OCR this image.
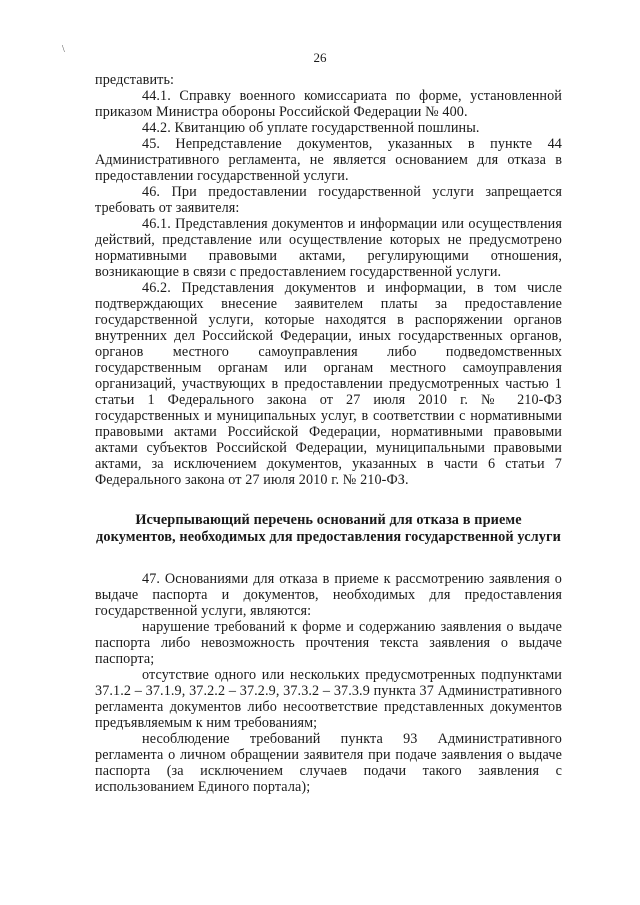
\
26

представить:

44.1. Справку военного комиссариата по форме, установленной приказом Министра обороны Российской Федерации № 400.

44.2. Квитанцию об уплате государственной пошлины.

45. Непредставление документов, указанных в пункте 44 Административного регламента, не является основанием для отказа в предоставлении государственной услуги.

46. При предоставлении государственной услуги запрещается требовать от заявителя:

46.1. Представления документов и информации или осуществления действий, представление или осуществление которых не предусмотрено нормативными правовыми актами, регулирующими отношения, возникающие в связи с предоставлением государственной услуги.

46.2. Представления документов и информации, в том числе подтверждающих внесение заявителем платы за предоставление государственной услуги, которые находятся в распоряжении органов внутренних дел Российской Федерации, иных государственных органов, органов местного самоуправления либо подведомственных государственным органам или органам местного самоуправления организаций, участвующих в предоставлении предусмотренных частью 1 статьи 1 Федерального закона от 27 июля 2010 г. № 210-ФЗ государственных и муниципальных услуг, в соответствии с нормативными правовыми актами Российской Федерации, нормативными правовыми актами субъектов Российской Федерации, муниципальными правовыми актами, за исключением документов, указанных в части 6 статьи 7 Федерального закона от 27 июля 2010 г. № 210-ФЗ.

Исчерпывающий перечень оснований для отказа в приеме документов, необходимых для предоставления государственной услуги

47. Основаниями для отказа в приеме к рассмотрению заявления о выдаче паспорта и документов, необходимых для предоставления государственной услуги, являются:

нарушение требований к форме и содержанию заявления о выдаче паспорта либо невозможность прочтения текста заявления о выдаче паспорта;

отсутствие одного или нескольких предусмотренных подпунктами 37.1.2 – 37.1.9, 37.2.2 – 37.2.9, 37.3.2 – 37.3.9 пункта 37 Административного регламента документов либо несоответствие представленных документов предъявляемым к ним требованиям;

несоблюдение требований пункта 93 Административного регламента о личном обращении заявителя при подаче заявления о выдаче паспорта (за исключением случаев подачи такого заявления с использованием Единого портала);
